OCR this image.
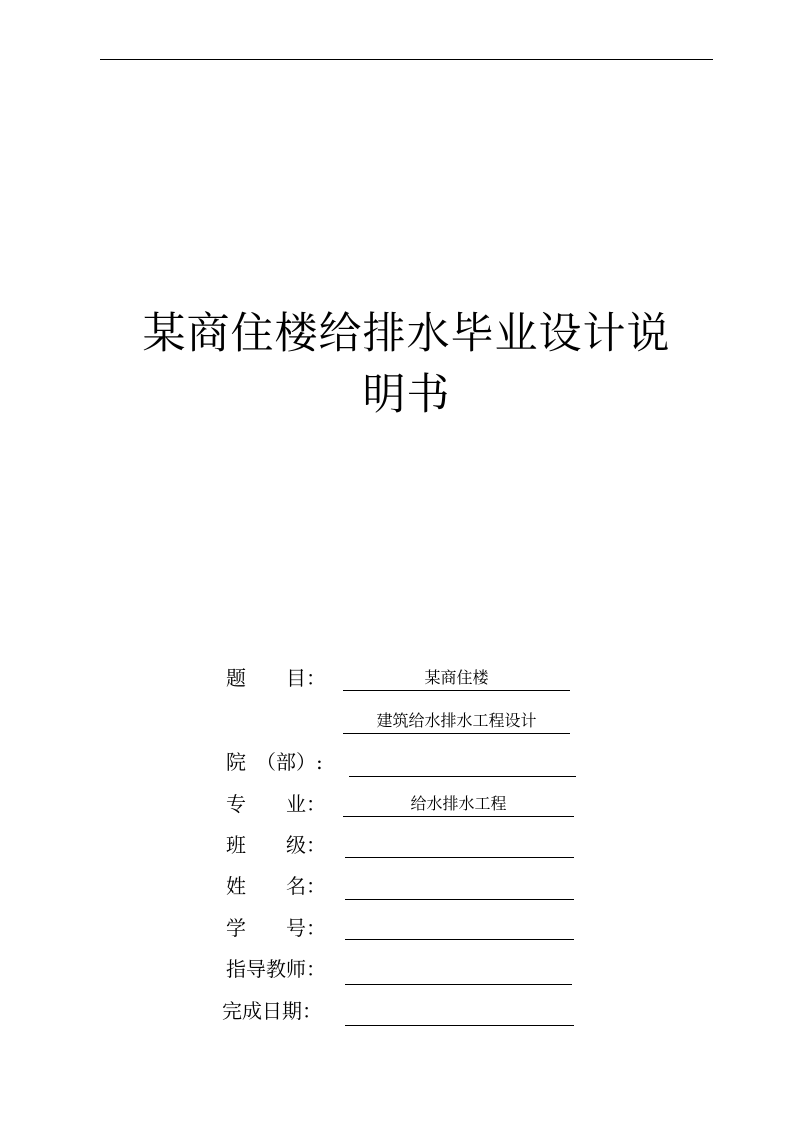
某商住楼给排水毕业设计说
明书
题　　目：	某商住楼
建筑给水排水工程设计
院　（部）:
专　　业：	给水排水工程
班　　级：
姓　　名：
学　　号：
指导教师：
完成日期：
